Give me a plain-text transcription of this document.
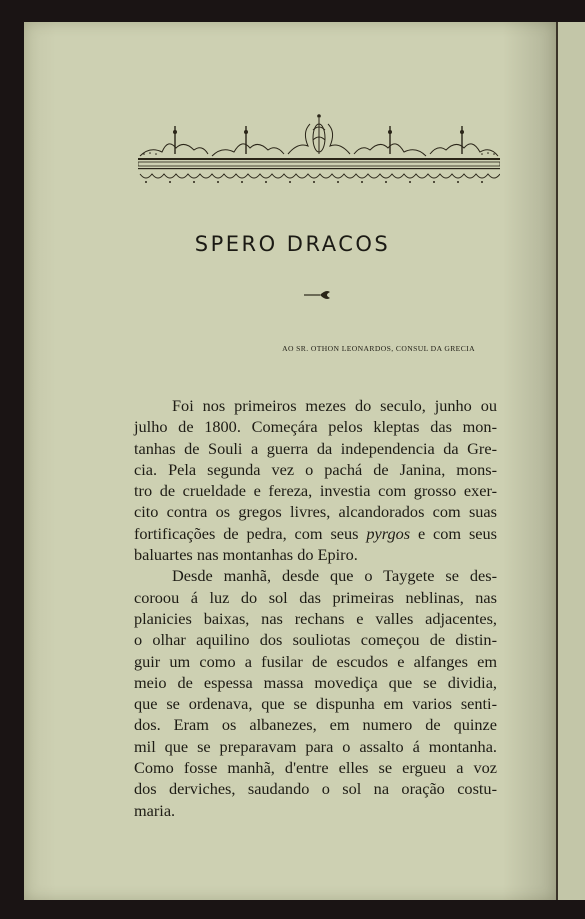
SPERO DRACOS
AO SR. OTHON LEONARDOS, CONSUL DA GRECIA
Foi nos primeiros mezes do seculo, junho ou
julho de 1800. Começára pelos kleptas das mon-
tanhas de Souli a guerra da independencia da Gre-
cia. Pela segunda vez o pachá de Janina, mons-
tro de crueldade e fereza, investia com grosso exer-
cito contra os gregos livres, alcandorados com suas
fortificações de pedra, com seus pyrgos e com seus
baluartes nas montanhas do Epiro.
Desde manhã, desde que o Taygete se des-
coroou á luz do sol das primeiras neblinas, nas
planicies baixas, nas rechans e valles adjacentes,
o olhar aquilino dos souliotas começou de distin-
guir um como a fusilar de escudos e alfanges em
meio de espessa massa movediça que se dividia,
que se ordenava, que se dispunha em varios senti-
dos. Eram os albanezes, em numero de quinze
mil que se preparavam para o assalto á montanha.
Como fosse manhã, d'entre elles se ergueu a voz
dos derviches, saudando o sol na oração costu-
maria.
